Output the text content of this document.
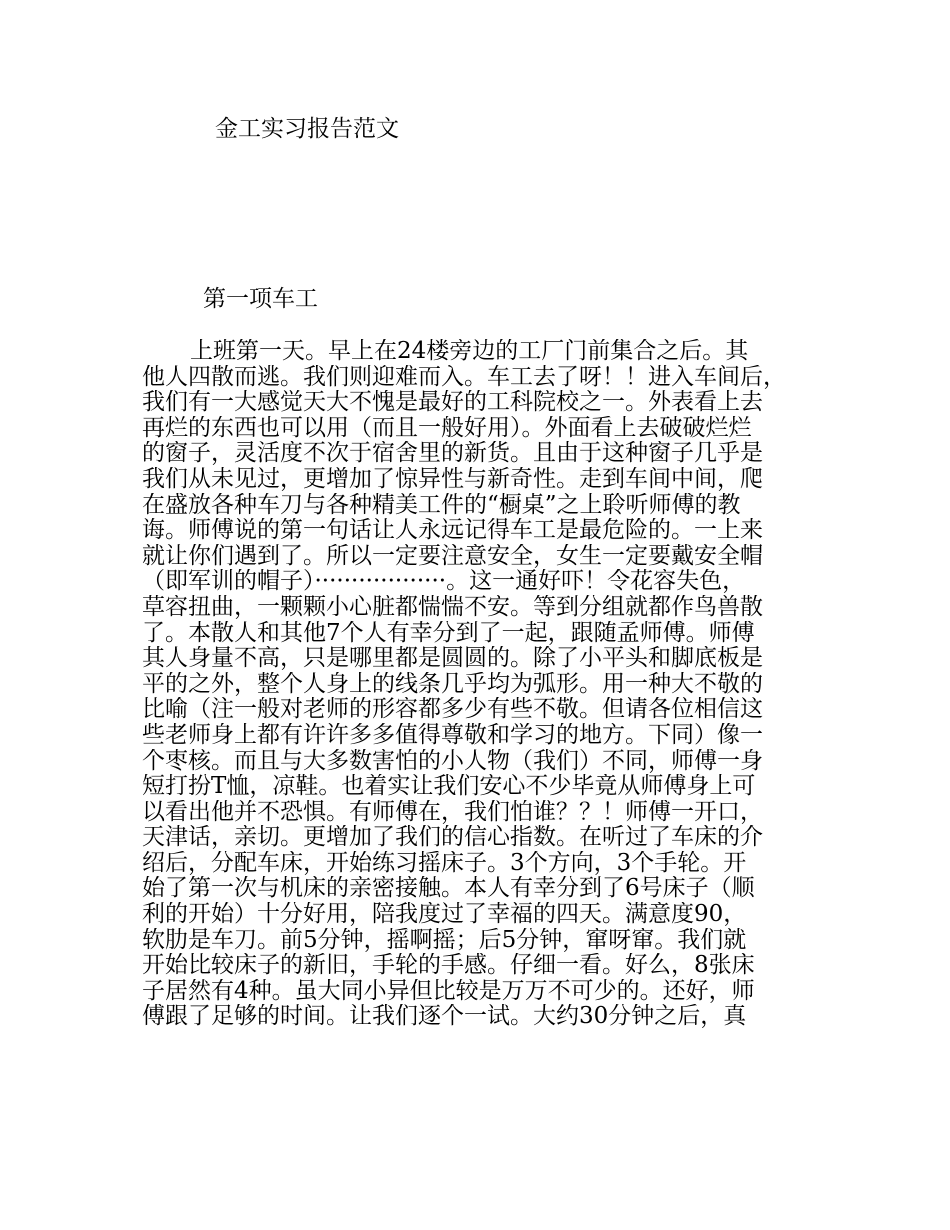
金工实习报告范文
第一项车工
上班第一天。早上在24楼旁边的工厂门前集合之后。其
他人四散而逃。我们则迎难而入。车工去了呀！！进入车间后，
我们有一大感觉天大不愧是最好的工科院校之一。外表看上去
再烂的东西也可以用（而且一般好用）。外面看上去破破烂烂
的窗子，灵活度不次于宿舍里的新货。且由于这种窗子几乎是
我们从未见过，更增加了惊异性与新奇性。走到车间中间，爬
在盛放各种车刀与各种精美工件的“橱桌”之上聆听师傅的教
诲。师傅说的第一句话让人永远记得车工是最危险的。一上来
就让你们遇到了。所以一定要注意安全，女生一定要戴安全帽
（即军训的帽子）··················。这一通好吓！令花容失色，
草容扭曲，一颗颗小心脏都惴惴不安。等到分组就都作鸟兽散
了。本散人和其他7个人有幸分到了一起，跟随孟师傅。师傅
其人身量不高，只是哪里都是圆圆的。除了小平头和脚底板是
平的之外，整个人身上的线条几乎均为弧形。用一种大不敬的
比喻（注一般对老师的形容都多少有些不敬。但请各位相信这
些老师身上都有许许多多值得尊敬和学习的地方。下同）像一
个枣核。而且与大多数害怕的小人物（我们）不同，师傅一身
短打扮T恤，凉鞋。也着实让我们安心不少毕竟从师傅身上可
以看出他并不恐惧。有师傅在，我们怕谁？？！师傅一开口，
天津话，亲切。更增加了我们的信心指数。在听过了车床的介
绍后，分配车床，开始练习摇床子。3个方向，3个手轮。开
始了第一次与机床的亲密接触。本人有幸分到了6号床子（顺
利的开始）十分好用，陪我度过了幸福的四天。满意度90，
软肋是车刀。前5分钟，摇啊摇；后5分钟，窜呀窜。我们就
开始比较床子的新旧，手轮的手感。仔细一看。好么，8张床
子居然有4种。虽大同小异但比较是万万不可少的。还好，师
傅跟了足够的时间。让我们逐个一试。大约30分钟之后，真
